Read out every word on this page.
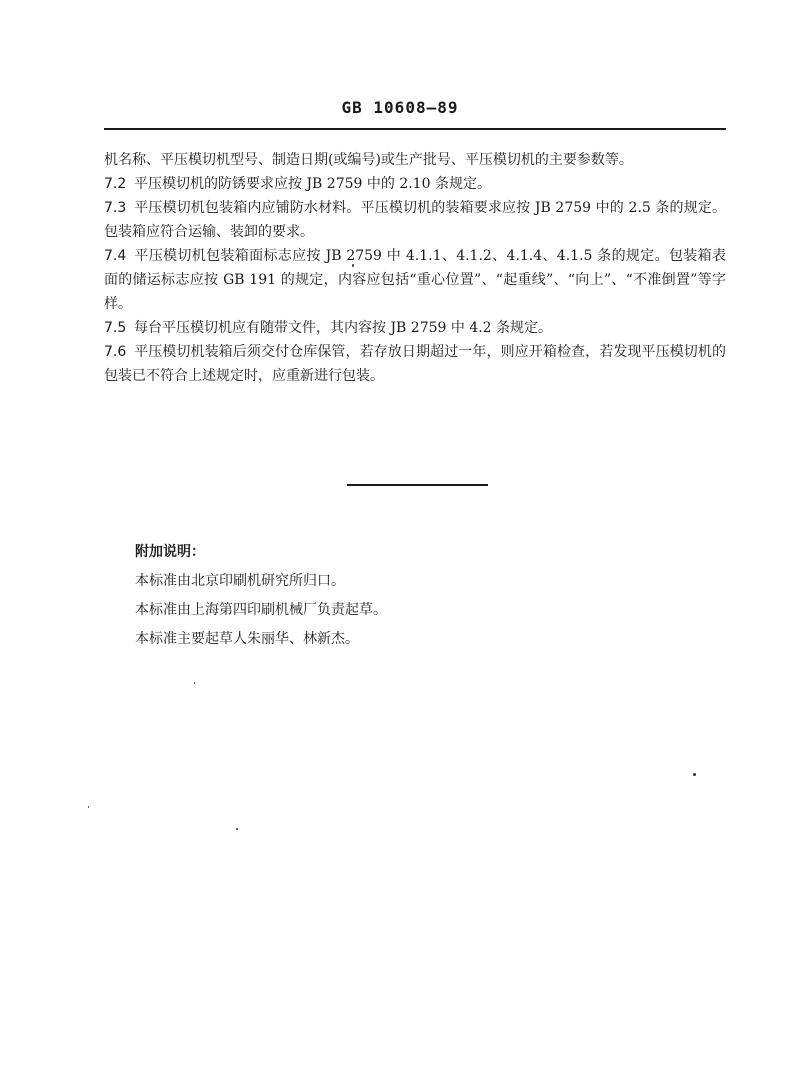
GB 10608—89

机名称、平压模切机型号、制造日期(或编号)或生产批号、平压模切机的主要参数等。

7.2 平压模切机的防锈要求应按 JB 2759 中的 2.10 条规定。

7.3 平压模切机包装箱内应铺防水材料。平压模切机的装箱要求应按 JB 2759 中的 2.5 条的规定。包装箱应符合运输、装卸的要求。

7.4 平压模切机包装箱面标志应按 JB 2759 中 4.1.1、4.1.2、4.1.4、4.1.5 条的规定。包装箱表面的储运标志应按 GB 191 的规定，内容应包括“重心位置”、“起重线”、“向上”、“不准倒置”等字样。

7.5 每台平压模切机应有随带文件，其内容按 JB 2759 中 4.2 条规定。

7.6 平压模切机装箱后须交付仓库保管，若存放日期超过一年，则应开箱检查，若发现平压模切机的包装已不符合上述规定时，应重新进行包装。

附加说明：

本标准由北京印刷机研究所归口。

本标准由上海第四印刷机械厂负责起草。

本标准主要起草人朱丽华、林新杰。
